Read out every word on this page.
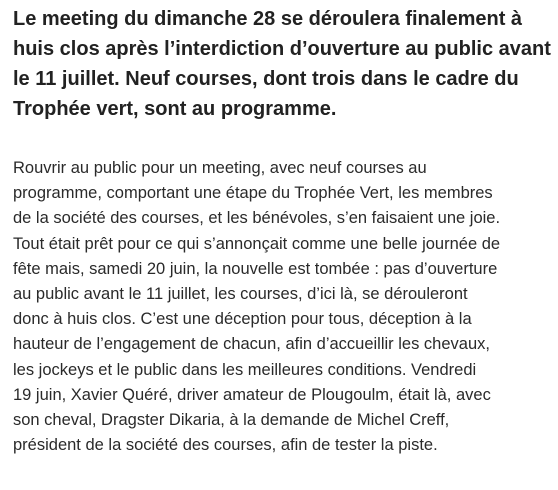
Le meeting du dimanche 28 se déroulera finalement à
huis clos après l’interdiction d’ouverture au public avant
le 11 juillet. Neuf courses, dont trois dans le cadre du
Trophée vert, sont au programme.

Rouvrir au public pour un meeting, avec neuf courses au
programme, comportant une étape du Trophée Vert, les membres
de la société des courses, et les bénévoles, s’en faisaient une joie.
Tout était prêt pour ce qui s’annonçait comme une belle journée de
fête mais, samedi 20 juin, la nouvelle est tombée : pas d’ouverture
au public avant le 11 juillet, les courses, d’ici là, se dérouleront
donc à huis clos. C’est une déception pour tous, déception à la
hauteur de l’engagement de chacun, afin d’accueillir les chevaux,
les jockeys et le public dans les meilleures conditions. Vendredi
19 juin, Xavier Quéré, driver amateur de Plougoulm, était là, avec
son cheval, Dragster Dikaria, à la demande de Michel Creff,
président de la société des courses, afin de tester la piste.
